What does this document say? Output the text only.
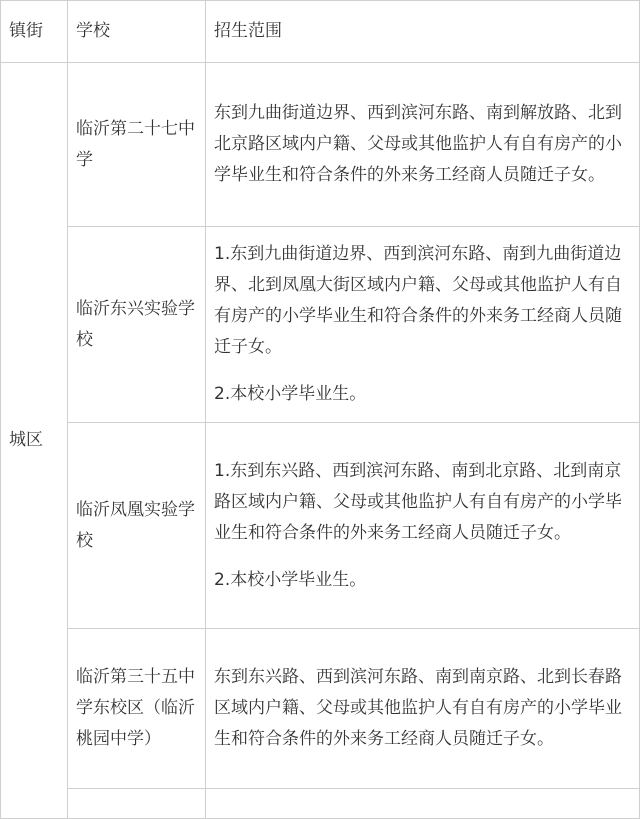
镇街	学校	招生范围
城区	临沂第二十七中学	东到九曲街道边界、西到滨河东路、南到解放路、北到北京路区域内户籍、父母或其他监护人有自有房产的小学毕业生和符合条件的外来务工经商人员随迁子女。

	临沂东兴实验学校	1.东到九曲街道边界、西到滨河东路、南到九曲街道边界、北到凤凰大街区域内户籍、父母或其他监护人有自有房产的小学毕业生和符合条件的外来务工经商人员随迁子女。

2.本校小学毕业生。

	临沂凤凰实验学校	1.东到东兴路、西到滨河东路、南到北京路、北到南京路区域内户籍、父母或其他监护人有自有房产的小学毕业生和符合条件的外来务工经商人员随迁子女。

2.本校小学毕业生。

	临沂第三十五中学东校区（临沂桃园中学）	东到东兴路、西到滨河东路、南到南京路、北到长春路区域内户籍、父母或其他监护人有自有房产的小学毕业生和符合条件的外来务工经商人员随迁子女。
